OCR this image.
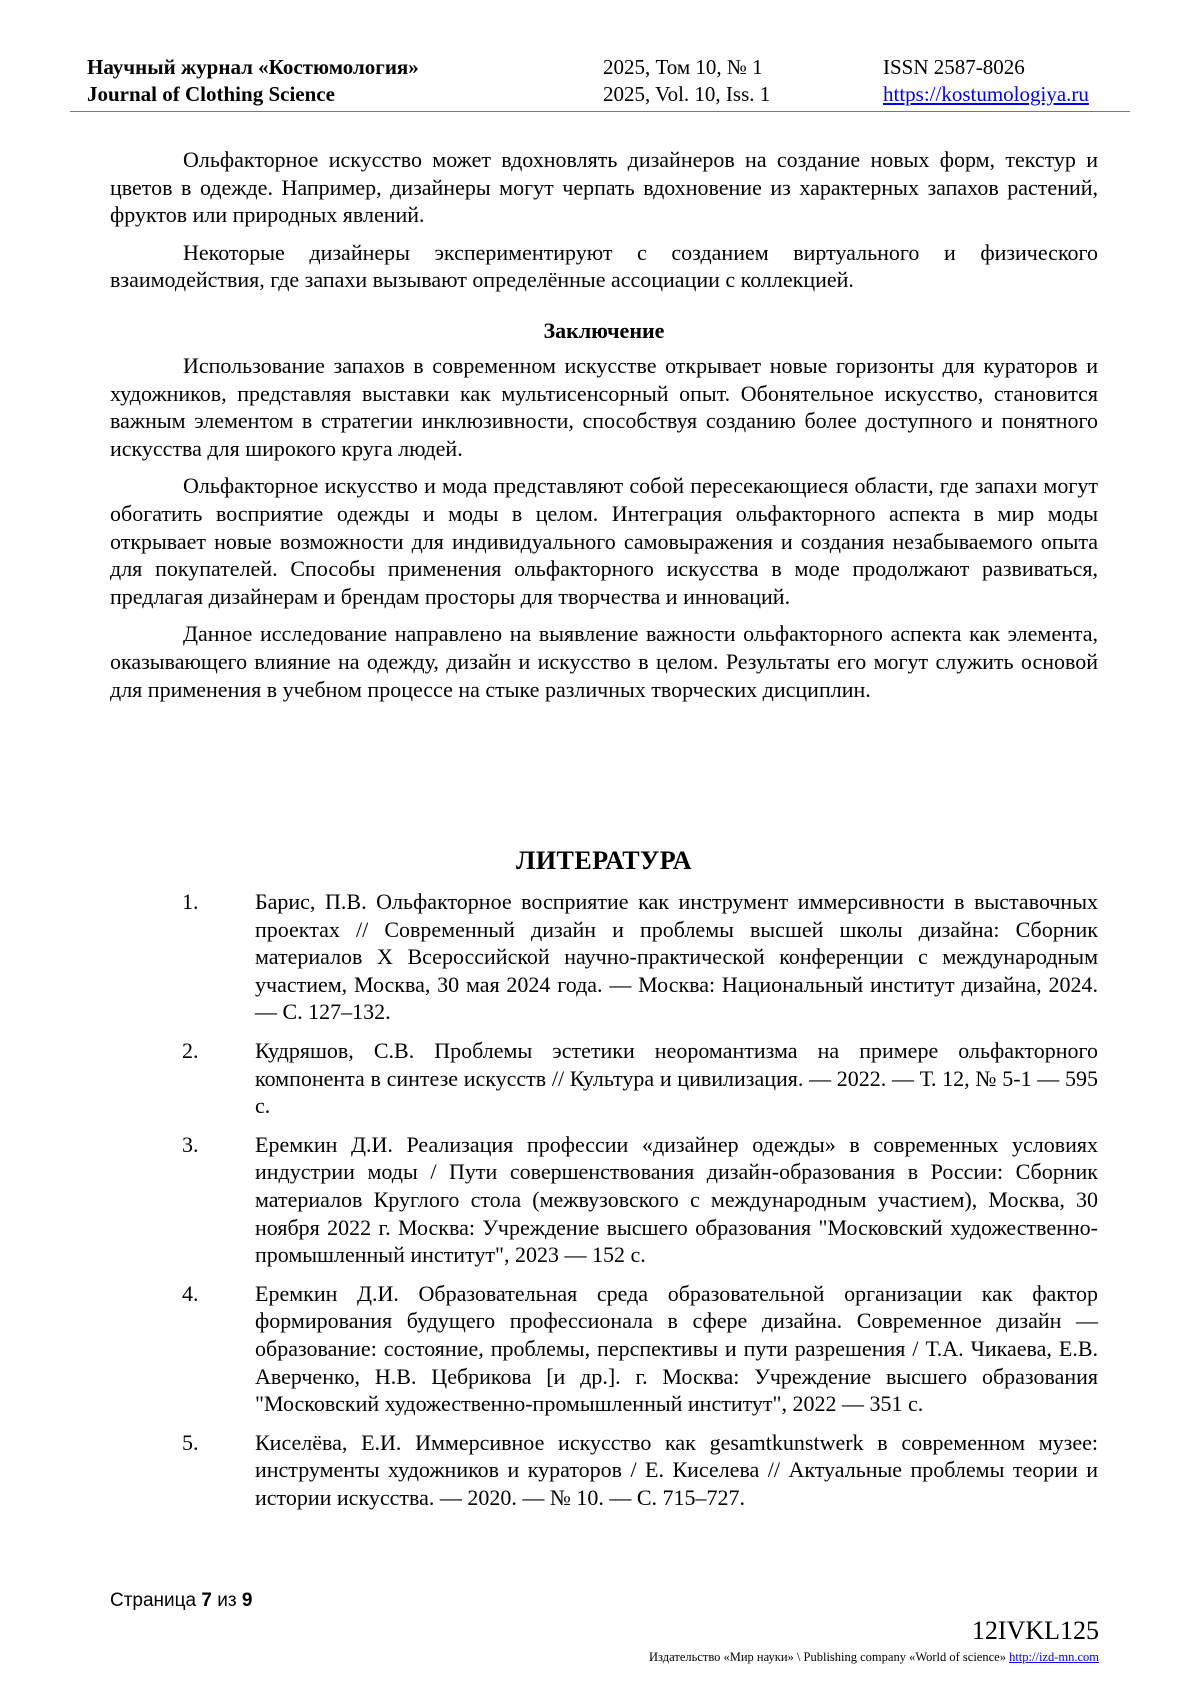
Научный журнал «Костюмология»
Journal of Clothing Science
2025, Том 10, № 1
2025, Vol. 10, Iss. 1
ISSN 2587-8026
https://kostumologiya.ru

Ольфакторное искусство может вдохновлять дизайнеров на создание новых форм, текстур и цветов в одежде. Например, дизайнеры могут черпать вдохновение из характерных запахов растений, фруктов или природных явлений.

Некоторые дизайнеры экспериментируют с созданием виртуального и физического взаимодействия, где запахи вызывают определённые ассоциации с коллекцией.

Заключение

Использование запахов в современном искусстве открывает новые горизонты для кураторов и художников, представляя выставки как мультисенсорный опыт. Обонятельное искусство, становится важным элементом в стратегии инклюзивности, способствуя созданию более доступного и понятного искусства для широкого круга людей.

Ольфакторное искусство и мода представляют собой пересекающиеся области, где запахи могут обогатить восприятие одежды и моды в целом. Интеграция ольфакторного аспекта в мир моды открывает новые возможности для индивидуального самовыражения и создания незабываемого опыта для покупателей. Способы применения ольфакторного искусства в моде продолжают развиваться, предлагая дизайнерам и брендам просторы для творчества и инноваций.

Данное исследование направлено на выявление важности ольфакторного аспекта как элемента, оказывающего влияние на одежду, дизайн и искусство в целом. Результаты его могут служить основой для применения в учебном процессе на стыке различных творческих дисциплин.

ЛИТЕРАТУРА
1.	Барис, П.В. Ольфакторное восприятие как инструмент иммерсивности в выставочных проектах // Современный дизайн и проблемы высшей школы дизайна: Сборник материалов X Всероссийской научно-практической конференции с международным участием, Москва, 30 мая 2024 года. — Москва: Национальный институт дизайна, 2024. — С. 127–132.
2.	Кудряшов, С.В. Проблемы эстетики неоромантизма на примере ольфакторного компонента в синтезе искусств // Культура и цивилизация. — 2022. — Т. 12, № 5-1 — 595 с.
3.	Еремкин Д.И. Реализация профессии «дизайнер одежды» в современных условиях индустрии моды / Пути совершенствования дизайн-образования в России: Сборник материалов Круглого стола (межвузовского с международным участием), Москва, 30 ноября 2022 г. Москва: Учреждение высшего образования "Московский художественно-промышленный институт", 2023 — 152 с.
4.	Еремкин Д.И. Образовательная среда образовательной организации как фактор формирования будущего профессионала в сфере дизайна. Современное дизайн — образование: состояние, проблемы, перспективы и пути разрешения / Т.А. Чикаева, Е.В. Аверченко, Н.В. Цебрикова [и др.]. г. Москва: Учреждение высшего образования "Московский художественно-промышленный институт", 2022 — 351 с.
5.	Киселёва, Е.И. Иммерсивное искусство как gesamtkunstwerk в современном музее: инструменты художников и кураторов / Е. Киселева // Актуальные проблемы теории и истории искусства. — 2020. — № 10. — С. 715–727.
Страница 7 из 9
12IVKL125
Издательство «Мир науки» \ Publishing company «World of science» http://izd-mn.com
